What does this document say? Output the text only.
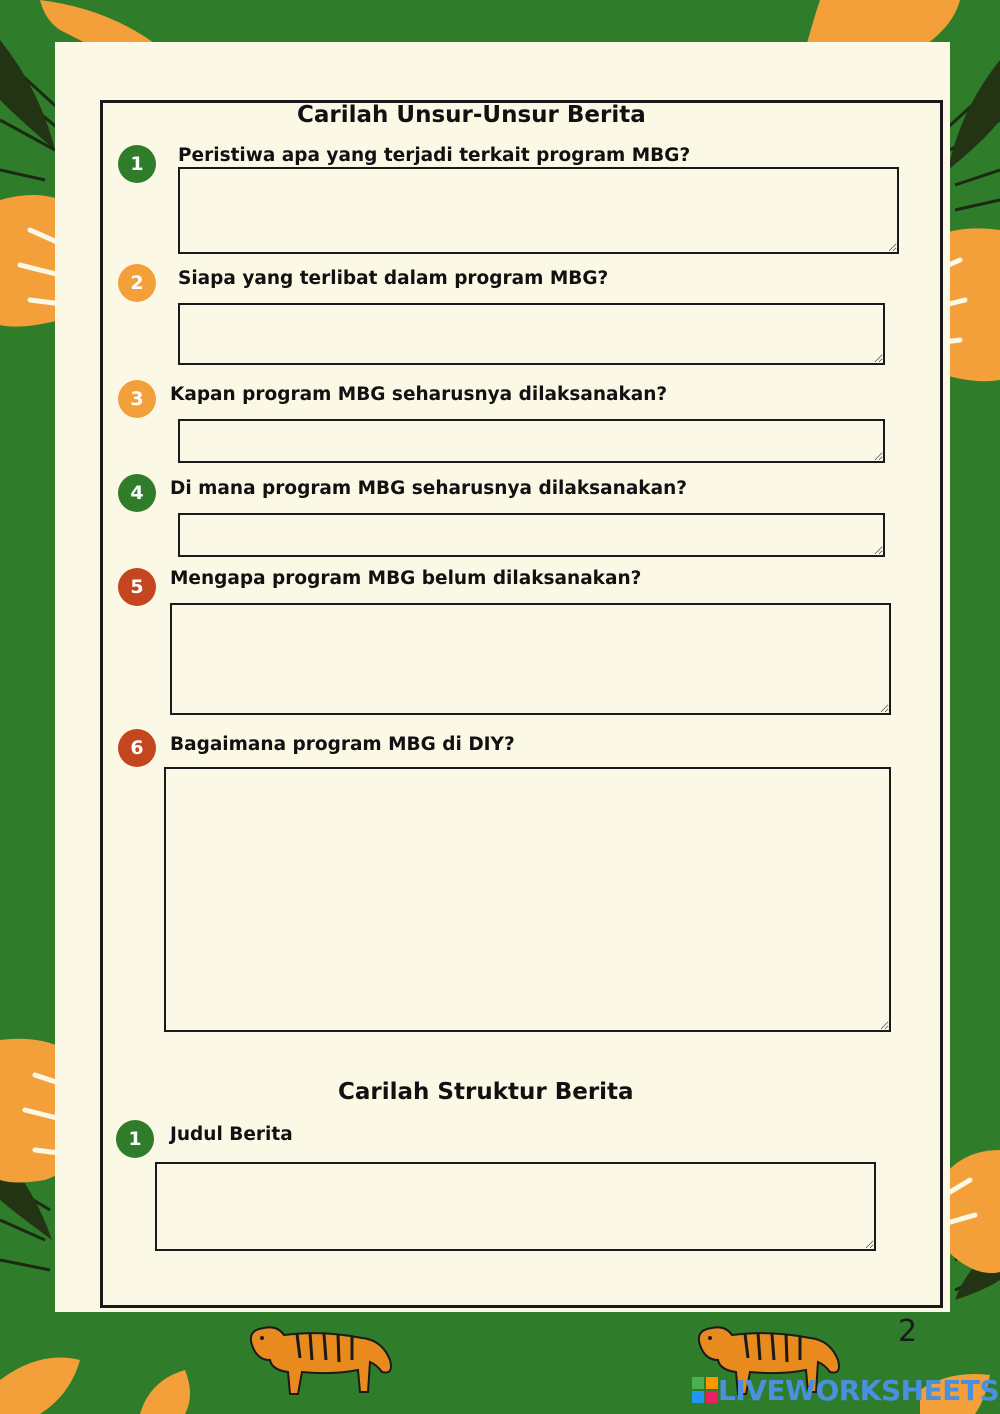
Carilah Unsur-Unsur Berita
1	Peristiwa apa yang terjadi terkait program MBG?
2	Siapa yang terlibat dalam program MBG?
3	Kapan program MBG seharusnya dilaksanakan?
4	Di mana program MBG seharusnya dilaksanakan?
5	Mengapa program MBG belum dilaksanakan?
6	Bagaimana program MBG di DIY?
Carilah Struktur Berita
1	Judul Berita
2
LIVEWORKSHEETS
